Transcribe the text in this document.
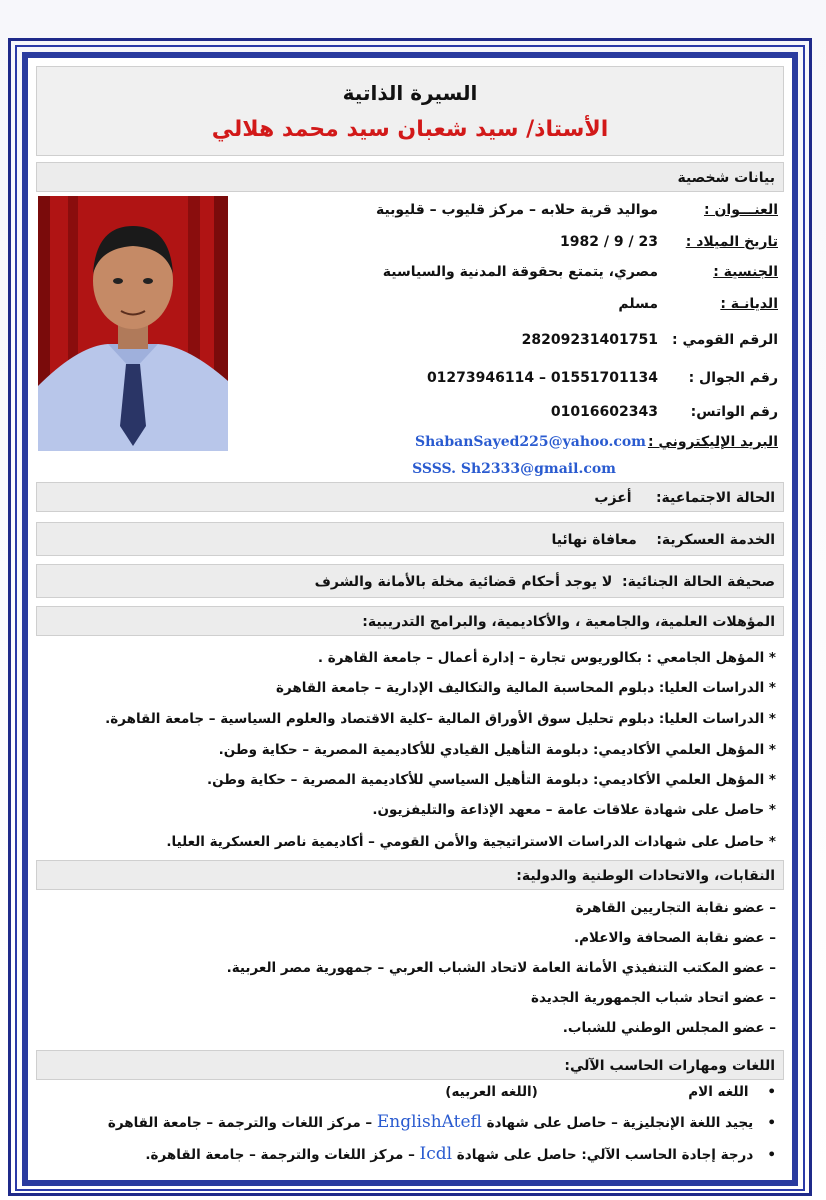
السيرة الذاتية
الأستاذ/ سيد شعبان سيد محمد هلالي
بيانات شخصية
العنـــوان :مواليد قرية حلابه – مركز قليوب – قليوبية
تاريخ الميلاد :23 / 9 / 1982
الجنسية :مصري، يتمتع بحقوقة المدنية والسياسية
الديانـة :مسلم
الرقم القومي :28209231401751
رقم الجوال :01551701134 – 01273946114
رقم الواتس:01016602343
البريد الإليكتروني :ShabanSayed225@yahoo.com
SSSS. Sh2333@gmail.com
الحالة الاجتماعية:     أعزب
الخدمة العسكرية:    معافاة نهائيا
صحيفة الحالة الجنائية:  لا يوجد أحكام قضائية مخلة بالأمانة والشرف
المؤهلات العلمية، والجامعية ، والأكاديمية، والبرامج التدريبية:
* المؤهل الجامعي : بكالوريوس تجارة – إدارة أعمال – جامعة القاهرة .
* الدراسات العليا: دبلوم المحاسبة المالية والتكاليف الإدارية – جامعة القاهرة
* الدراسات العليا: دبلوم تحليل سوق الأوراق المالية –كلية الاقتصاد والعلوم السياسية – جامعة القاهرة.
* المؤهل العلمي الأكاديمي: دبلومة التأهيل القيادي للأكاديمية المصرية – حكاية وطن.
* المؤهل العلمي الأكاديمي: دبلومة التأهيل السياسي للأكاديمية المصرية – حكاية وطن.
* حاصل على شهادة علاقات عامة – معهد الإذاعة والتليفزيون.
* حاصل على شهادات الدراسات الاستراتيجية والأمن القومي – أكاديمية ناصر العسكرية العليا.
النقابات، والاتحادات الوطنية والدولية:
– عضو نقابة التجاريين القاهرة
– عضو نقابة الصحافة والاعلام.
– عضو المكتب التنفيذي الأمانة العامة لاتحاد الشباب العربي – جمهورية مصر العربية.
– عضو اتحاد شباب الجمهورية الجديدة
– عضو المجلس الوطني للشباب.
اللغات ومهارات الحاسب الآلي:
•    اللغه الام                                (اللغه العربيه)
•   يجيد اللغة الإنجليزية – حاصل على شهادة EnglishAtefl – مركز اللغات والترجمة – جامعة القاهرة
•   درجة إجادة الحاسب الآلي: حاصل على شهادة Icdl – مركز اللغات والترجمة – جامعة القاهرة.
